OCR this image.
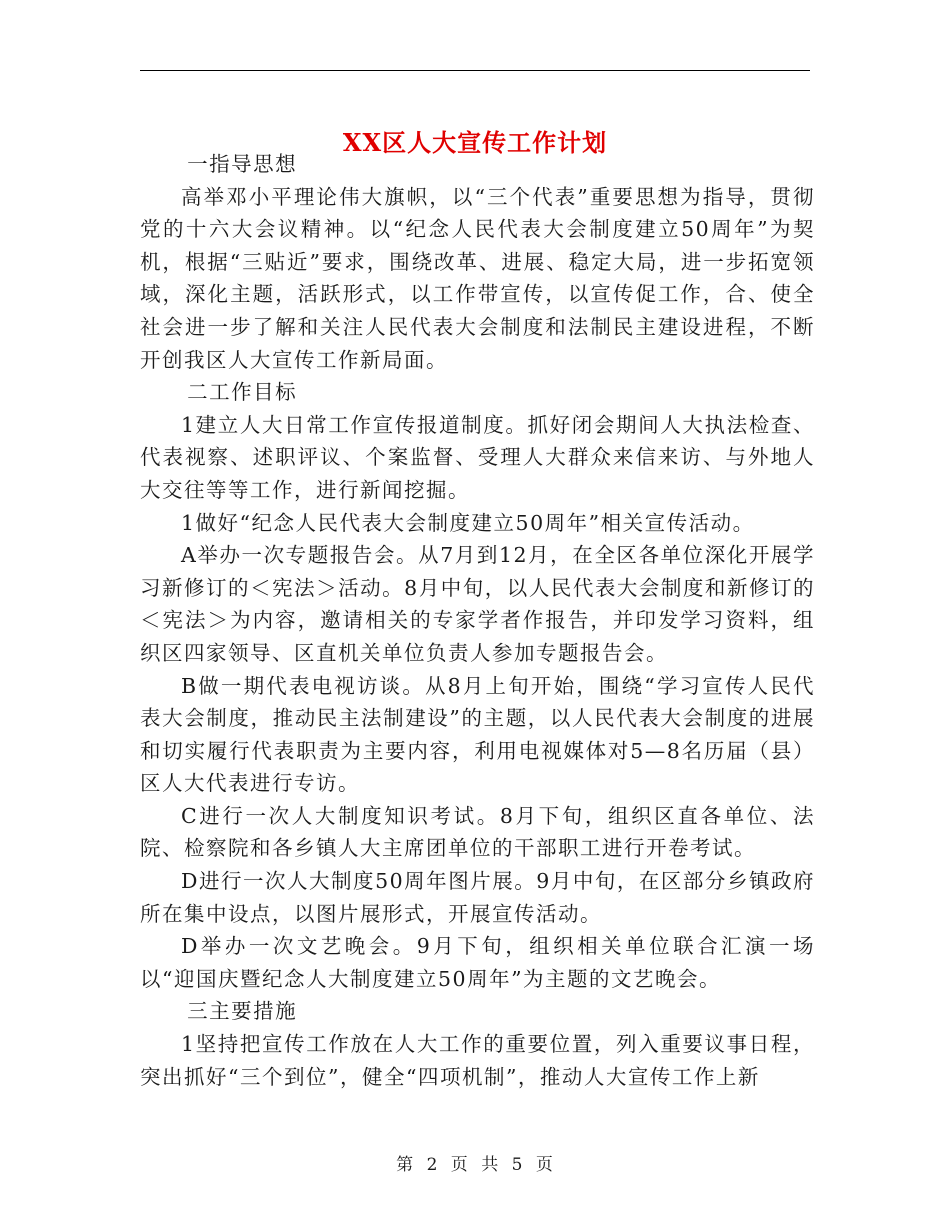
XX区人大宣传工作计划

一指导思想

高举邓小平理论伟大旗帜，以“三个代表”重要思想为指导，贯彻党的十六大会议精神。以“纪念人民代表大会制度建立50周年”为契机，根据“三贴近”要求，围绕改革、进展、稳定大局，进一步拓宽领域，深化主题，活跃形式，以工作带宣传，以宣传促工作，合、使全社会进一步了解和关注人民代表大会制度和法制民主建设进程，不断开创我区人大宣传工作新局面。

二工作目标

1建立人大日常工作宣传报道制度。抓好闭会期间人大执法检查、代表视察、述职评议、个案监督、受理人大群众来信来访、与外地人大交往等等工作，进行新闻挖掘。

1做好“纪念人民代表大会制度建立50周年”相关宣传活动。

A举办一次专题报告会。从7月到12月，在全区各单位深化开展学习新修订的＜宪法＞活动。8月中旬，以人民代表大会制度和新修订的＜宪法＞为内容，邀请相关的专家学者作报告，并印发学习资料，组织区四家领导、区直机关单位负责人参加专题报告会。

B做一期代表电视访谈。从8月上旬开始，围绕“学习宣传人民代表大会制度，推动民主法制建设”的主题，以人民代表大会制度的进展和切实履行代表职责为主要内容，利用电视媒体对5—8名历届（县）区人大代表进行专访。

C进行一次人大制度知识考试。8月下旬，组织区直各单位、法院、检察院和各乡镇人大主席团单位的干部职工进行开卷考试。

D进行一次人大制度50周年图片展。9月中旬，在区部分乡镇政府所在集中设点，以图片展形式，开展宣传活动。

D举办一次文艺晚会。9月下旬，组织相关单位联合汇演一场以“迎国庆暨纪念人大制度建立50周年”为主题的文艺晚会。

三主要措施

1坚持把宣传工作放在人大工作的重要位置，列入重要议事日程，突出抓好“三个到位”，健全“四项机制”，推动人大宣传工作上新

第 2 页 共 5 页
